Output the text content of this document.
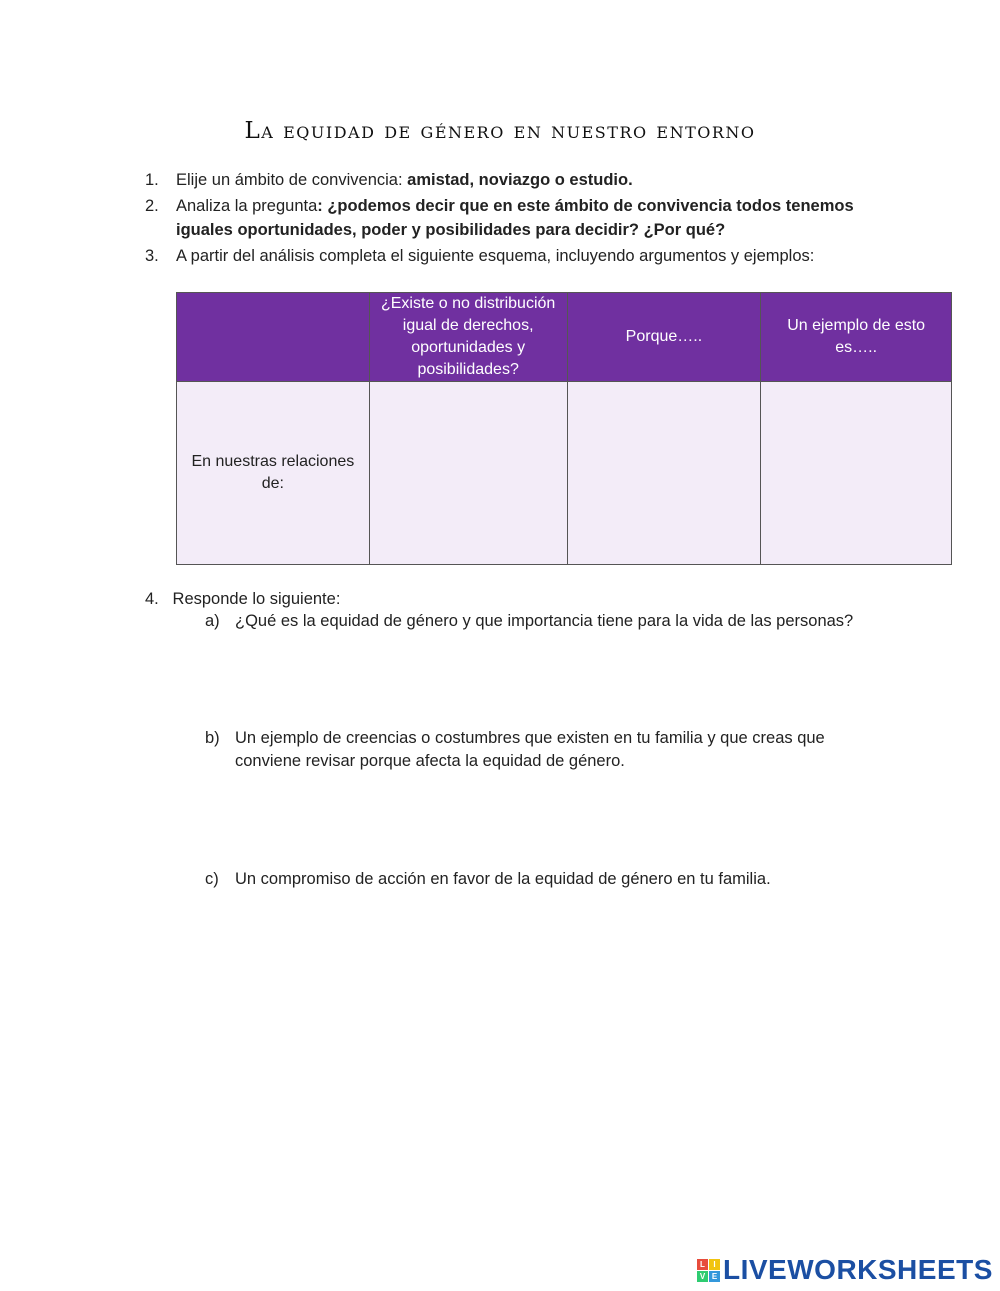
La equidad de género en nuestro entorno
1. Elije un ámbito de convivencia: amistad, noviazgo o estudio.
2. Analiza la pregunta: ¿podemos decir que en este ámbito de convivencia todos tenemos iguales oportunidades, poder y posibilidades para decidir? ¿Por qué?
3. A partir del análisis completa el siguiente esquema, incluyendo argumentos y ejemplos:
	¿Existe o no distribución igual de derechos, oportunidades y posibilidades?	Porque…..	Un ejemplo de esto es…..
En nuestras relaciones de:			
4. Responde lo siguiente:
a) ¿Qué es la equidad de género y que importancia tiene para la vida de las personas?
b) Un ejemplo de creencias o costumbres que existen en tu familia y que creas que conviene revisar porque afecta la equidad de género.
c) Un compromiso de acción en favor de la equidad de género en tu familia.
L	I
V E LIVEWORKSHEETS
